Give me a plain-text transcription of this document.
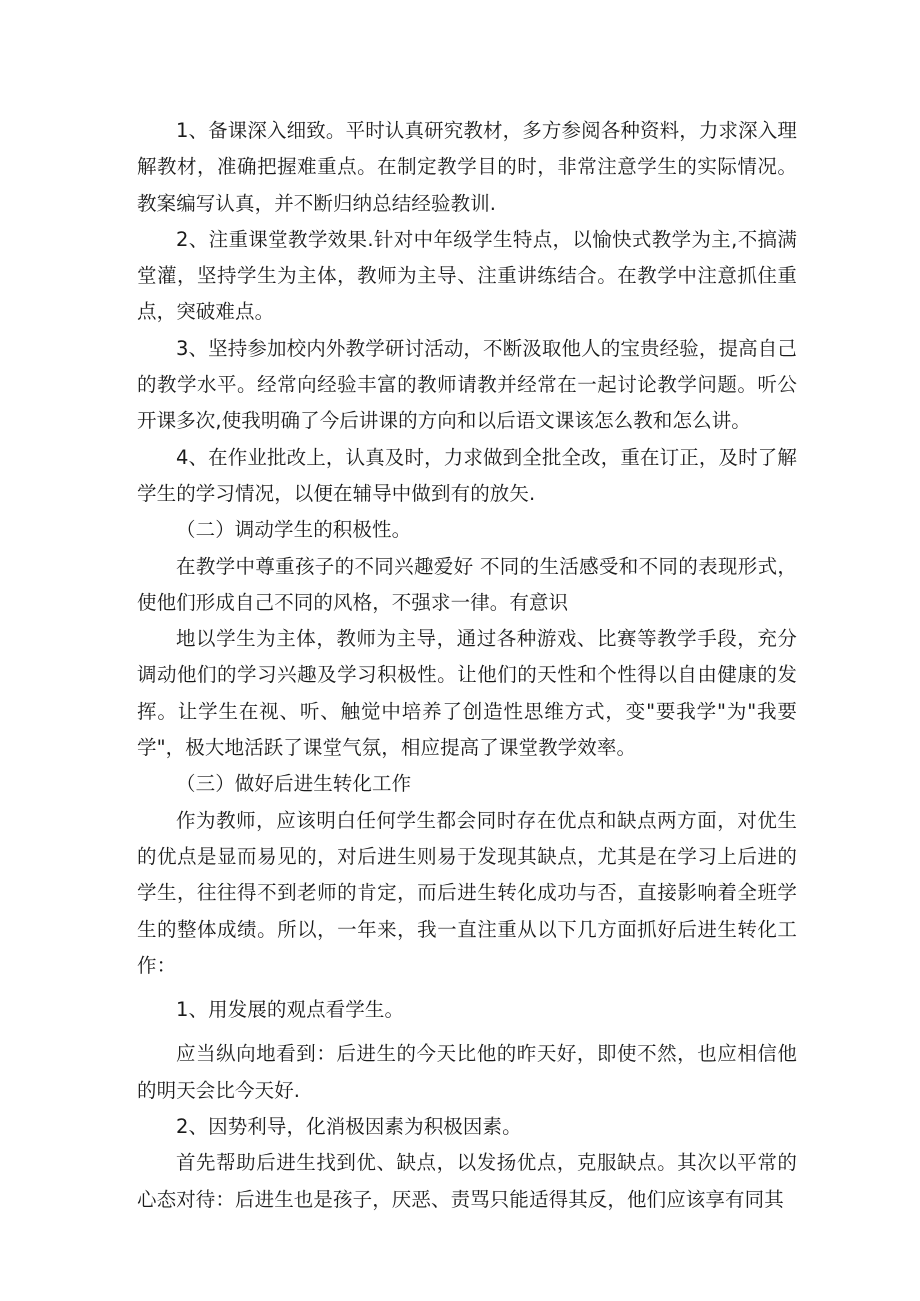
1、备课深入细致。平时认真研究教材，多方参阅各种资料，力求深入理解教材，准确把握难重点。在制定教学目的时，非常注意学生的实际情况。教案编写认真，并不断归纳总结经验教训.

2、注重课堂教学效果.针对中年级学生特点，以愉快式教学为主,不搞满堂灌，坚持学生为主体，教师为主导、注重讲练结合。在教学中注意抓住重点，突破难点。

3、坚持参加校内外教学研讨活动，不断汲取他人的宝贵经验，提高自己的教学水平。经常向经验丰富的教师请教并经常在一起讨论教学问题。听公开课多次,使我明确了今后讲课的方向和以后语文课该怎么教和怎么讲。

4、在作业批改上，认真及时，力求做到全批全改，重在订正，及时了解学生的学习情况，以便在辅导中做到有的放矢.

（二）调动学生的积极性。

在教学中尊重孩子的不同兴趣爱好 不同的生活感受和不同的表现形式，使他们形成自己不同的风格，不强求一律。有意识

地以学生为主体，教师为主导，通过各种游戏、比赛等教学手段，充分调动他们的学习兴趣及学习积极性。让他们的天性和个性得以自由健康的发挥。让学生在视、听、触觉中培养了创造性思维方式，变"要我学"为"我要学"，极大地活跃了课堂气氛，相应提高了课堂教学效率。

（三）做好后进生转化工作

作为教师，应该明白任何学生都会同时存在优点和缺点两方面，对优生的优点是显而易见的，对后进生则易于发现其缺点，尤其是在学习上后进的学生，往往得不到老师的肯定，而后进生转化成功与否，直接影响着全班学生的整体成绩。所以，一年来，我一直注重从以下几方面抓好后进生转化工作：

1、用发展的观点看学生。

应当纵向地看到：后进生的今天比他的昨天好，即使不然，也应相信他的明天会比今天好.

2、因势利导，化消极因素为积极因素。

首先帮助后进生找到优、缺点，以发扬优点，克服缺点。其次以平常的心态对待：后进生也是孩子，厌恶、责骂只能适得其反，他们应该享有同其
